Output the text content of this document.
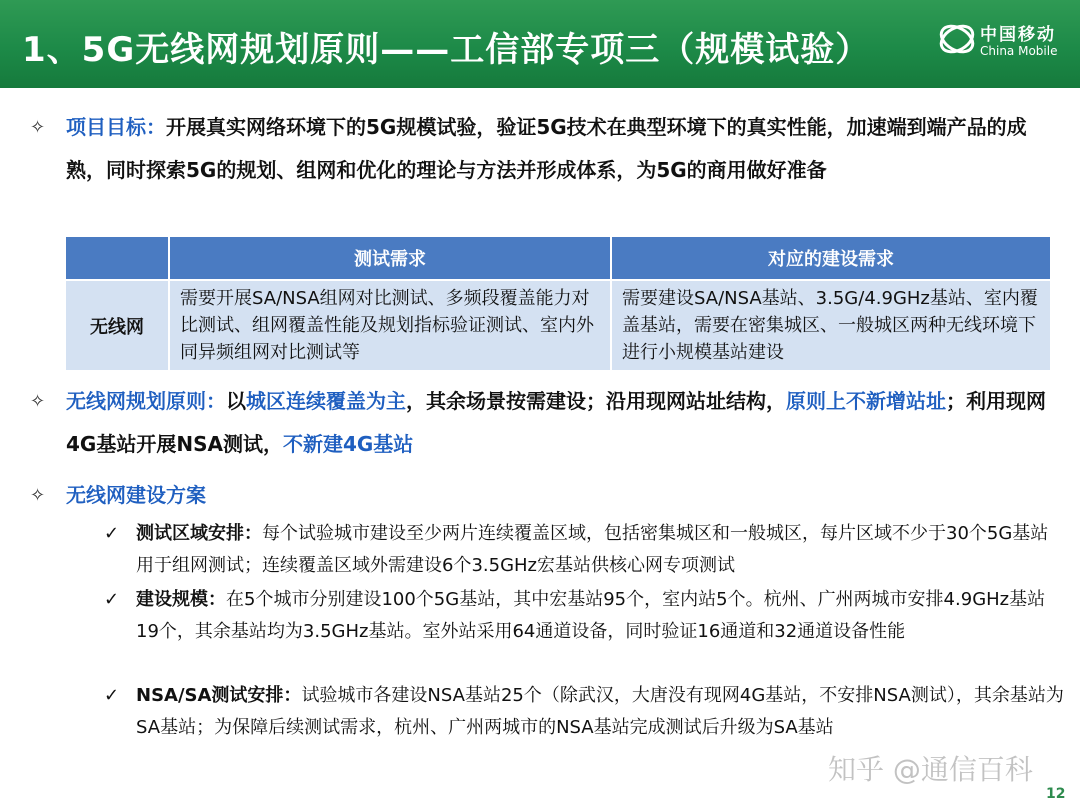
1、5G无线网规划原则——工信部专项三（规模试验）	中国移动
China Mobile
✧	项目目标：开展真实网络环境下的5G规模试验，验证5G技术在典型环境下的真实性能，加速端到端产品的成熟，同时探索5G的规划、组网和优化的理论与方法并形成体系，为5G的商用做好准备
	测试需求	对应的建设需求
无线网	需要开展SA/NSA组网对比测试、多频段覆盖能力对比测试、组网覆盖性能及规划指标验证测试、室内外同异频组网对比测试等	需要建设SA/NSA基站、3.5G/4.9GHz基站、室内覆盖基站，需要在密集城区、一般城区两种无线环境下进行小规模基站建设
✧	无线网规划原则：以城区连续覆盖为主，其余场景按需建设；沿用现网站址结构，原则上不新增站址；利用现网4G基站开展NSA测试，不新建4G基站
✧	无线网建设方案
✓ 测试区域安排：每个试验城市建设至少两片连续覆盖区域，包括密集城区和一般城区，每片区域不少于30个5G基站用于组网测试；连续覆盖区域外需建设6个3.5GHz宏基站供核心网专项测试
✓ 建设规模：在5个城市分别建设100个5G基站，其中宏基站95个，室内站5个。杭州、广州两城市安排4.9GHz基站19个，其余基站均为3.5GHz基站。室外站采用64通道设备，同时验证16通道和32通道设备性能
✓ NSA/SA测试安排：试验城市各建设NSA基站25个（除武汉，大唐没有现网4G基站，不安排NSA测试），其余基站为SA基站；为保障后续测试需求，杭州、广州两城市的NSA基站完成测试后升级为SA基站
知乎 @通信百科
12
